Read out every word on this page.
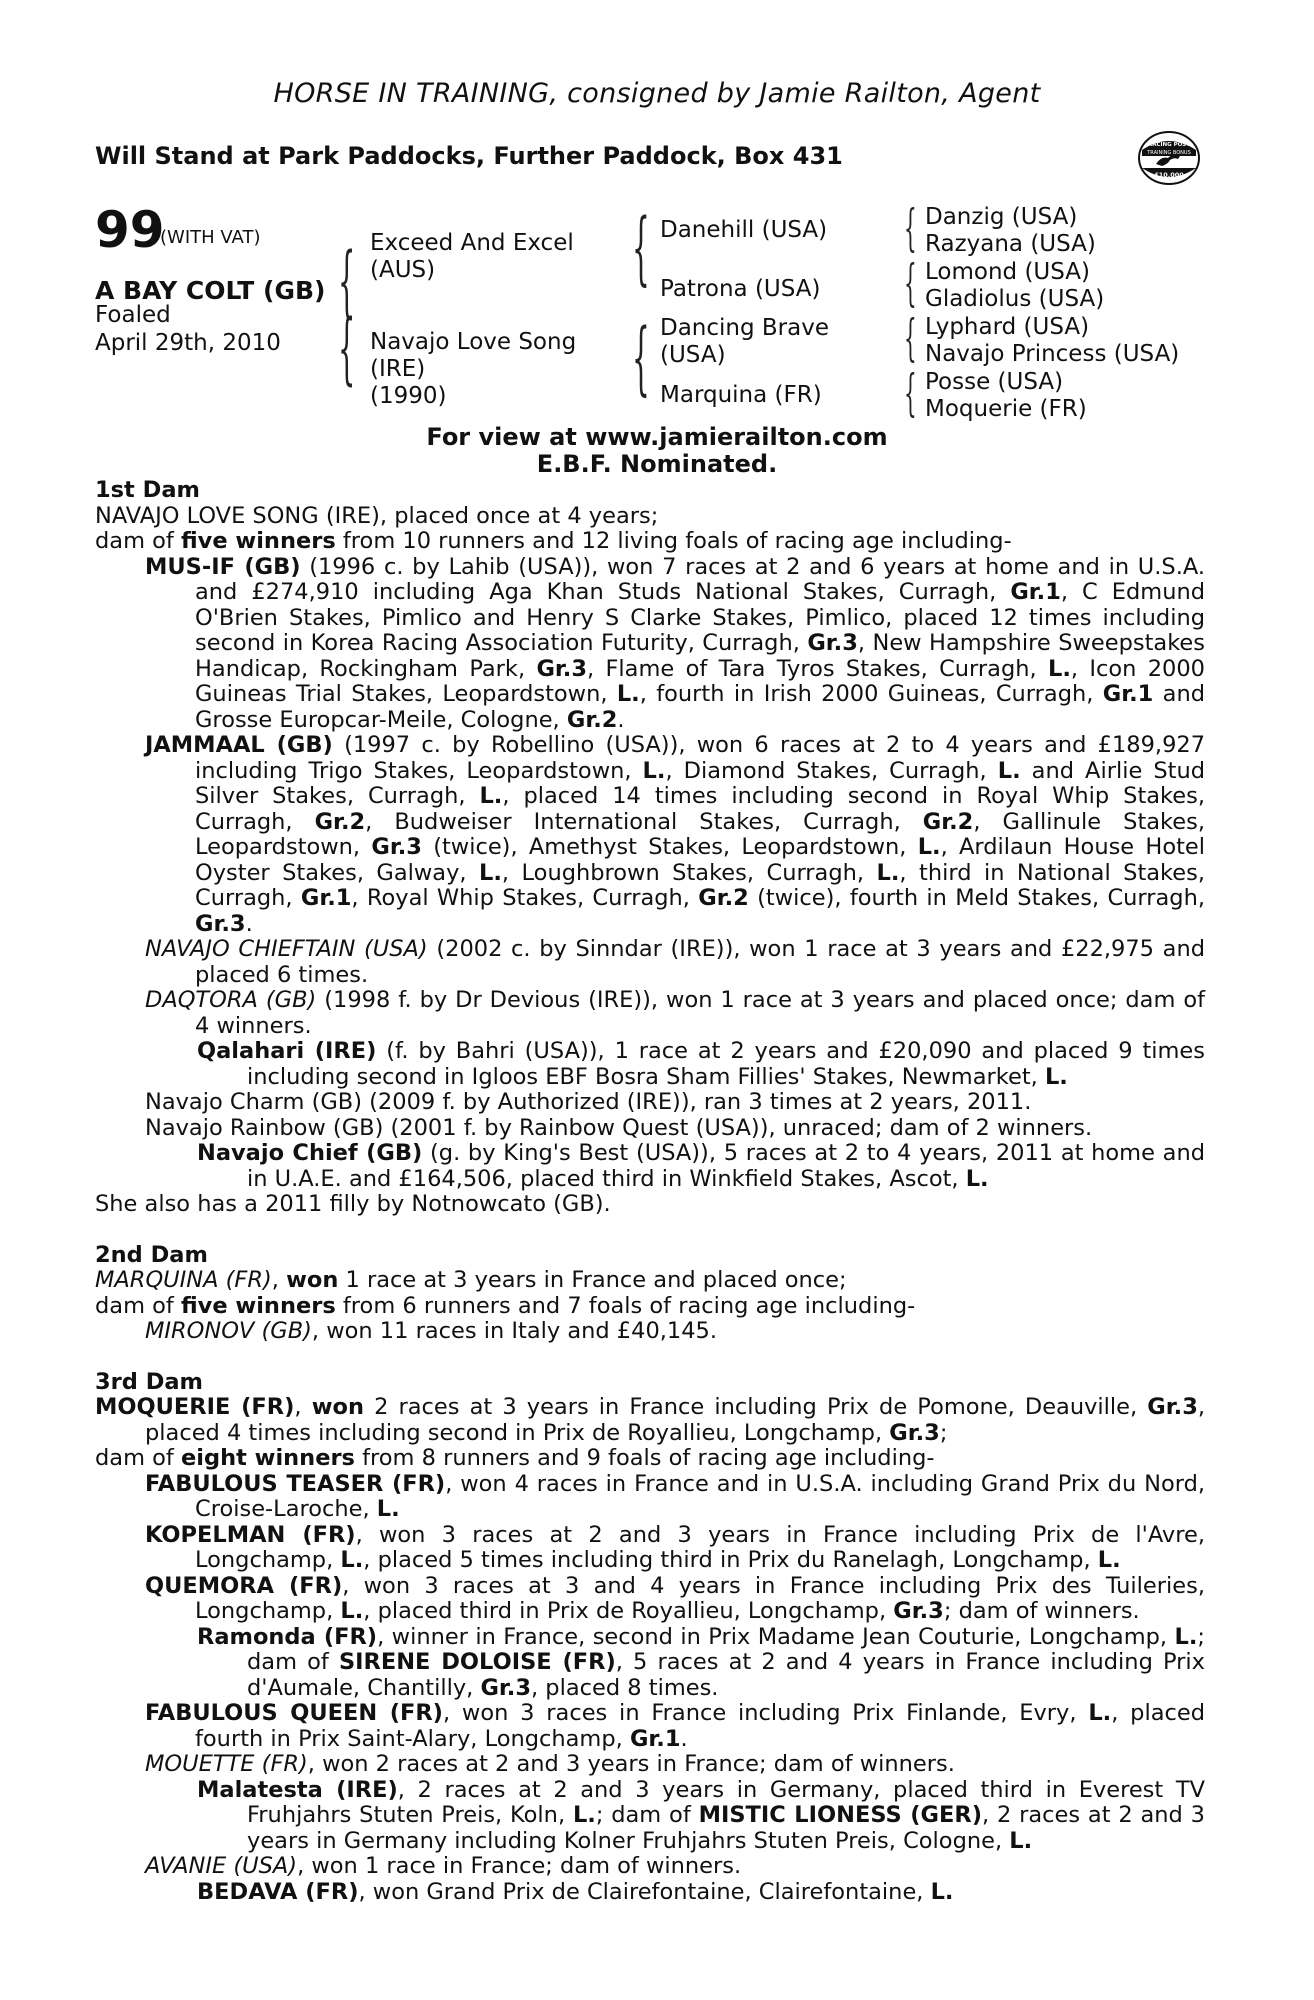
HORSE IN TRAINING, consigned by Jamie Railton, Agent
Will Stand at Park Paddocks, Further Paddock, Box 431	RACING POST
TRAINING BONUS
£10,000
99
(WITH VAT)
A BAY COLT (GB)
Foaled
April 29th, 2010
{
{
Exceed And Excel
(AUS)
Navajo Love Song
(IRE)
(1990)
{
{
Danehill (USA)
Patrona (USA)
Dancing Brave
(USA)
Marquina (FR)
{
{
{
{
Danzig (USA)
Razyana (USA)
Lomond (USA)
Gladiolus (USA)
Lyphard (USA)
Navajo Princess (USA)
Posse (USA)
Moquerie (FR)
For view at www.jamierailton.com
E.B.F. Nominated.

1st Dam

NAVAJO LOVE SONG (IRE), placed once at 4 years;

dam of five winners from 10 runners and 12 living foals of racing age including-

MUS-IF (GB) (1996 c. by Lahib (USA)), won 7 races at 2 and 6 years at home and in U.S.A. and £274,910 including Aga Khan Studs National Stakes, Curragh, Gr.1, C Edmund O'Brien Stakes, Pimlico and Henry S Clarke Stakes, Pimlico, placed 12 times including second in Korea Racing Association Futurity, Curragh, Gr.3, New Hampshire Sweepstakes Handicap, Rockingham Park, Gr.3, Flame of Tara Tyros Stakes, Curragh, L., Icon 2000 Guineas Trial Stakes, Leopardstown, L., fourth in Irish 2000 Guineas, Curragh, Gr.1 and Grosse Europcar-Meile, Cologne, Gr.2.

JAMMAAL (GB) (1997 c. by Robellino (USA)), won 6 races at 2 to 4 years and £189,927 including Trigo Stakes, Leopardstown, L., Diamond Stakes, Curragh, L. and Airlie Stud Silver Stakes, Curragh, L., placed 14 times including second in Royal Whip Stakes, Curragh, Gr.2, Budweiser International Stakes, Curragh, Gr.2, Gallinule Stakes, Leopardstown, Gr.3 (twice), Amethyst Stakes, Leopardstown, L., Ardilaun House Hotel Oyster Stakes, Galway, L., Loughbrown Stakes, Curragh, L., third in National Stakes, Curragh, Gr.1, Royal Whip Stakes, Curragh, Gr.2 (twice), fourth in Meld Stakes, Curragh, Gr.3.

NAVAJO CHIEFTAIN (USA) (2002 c. by Sinndar (IRE)), won 1 race at 3 years and £22,975 and placed 6 times.

DAQTORA (GB) (1998 f. by Dr Devious (IRE)), won 1 race at 3 years and placed once; dam of 4 winners.

Qalahari (IRE) (f. by Bahri (USA)), 1 race at 2 years and £20,090 and placed 9 times including second in Igloos EBF Bosra Sham Fillies' Stakes, Newmarket, L.

Navajo Charm (GB) (2009 f. by Authorized (IRE)), ran 3 times at 2 years, 2011.

Navajo Rainbow (GB) (2001 f. by Rainbow Quest (USA)), unraced; dam of 2 winners.

Navajo Chief (GB) (g. by King's Best (USA)), 5 races at 2 to 4 years, 2011 at home and in U.A.E. and £164,506, placed third in Winkfield Stakes, Ascot, L.

She also has a 2011 filly by Notnowcato (GB).

2nd Dam

MARQUINA (FR), won 1 race at 3 years in France and placed once;

dam of five winners from 6 runners and 7 foals of racing age including-

MIRONOV (GB), won 11 races in Italy and £40,145.

3rd Dam

MOQUERIE (FR), won 2 races at 3 years in France including Prix de Pomone, Deauville, Gr.3, placed 4 times including second in Prix de Royallieu, Longchamp, Gr.3;

dam of eight winners from 8 runners and 9 foals of racing age including-

FABULOUS TEASER (FR), won 4 races in France and in U.S.A. including Grand Prix du Nord, Croise-Laroche, L.

KOPELMAN (FR), won 3 races at 2 and 3 years in France including Prix de l'Avre, Longchamp, L., placed 5 times including third in Prix du Ranelagh, Longchamp, L.

QUEMORA (FR), won 3 races at 3 and 4 years in France including Prix des Tuileries, Longchamp, L., placed third in Prix de Royallieu, Longchamp, Gr.3; dam of winners.

Ramonda (FR), winner in France, second in Prix Madame Jean Couturie, Longchamp, L.; dam of SIRENE DOLOISE (FR), 5 races at 2 and 4 years in France including Prix d'Aumale, Chantilly, Gr.3, placed 8 times.

FABULOUS QUEEN (FR), won 3 races in France including Prix Finlande, Evry, L., placed fourth in Prix Saint-Alary, Longchamp, Gr.1.

MOUETTE (FR), won 2 races at 2 and 3 years in France; dam of winners.

Malatesta (IRE), 2 races at 2 and 3 years in Germany, placed third in Everest TV Fruhjahrs Stuten Preis, Koln, L.; dam of MISTIC LIONESS (GER), 2 races at 2 and 3 years in Germany including Kolner Fruhjahrs Stuten Preis, Cologne, L.

AVANIE (USA), won 1 race in France; dam of winners.

BEDAVA (FR), won Grand Prix de Clairefontaine, Clairefontaine, L.
